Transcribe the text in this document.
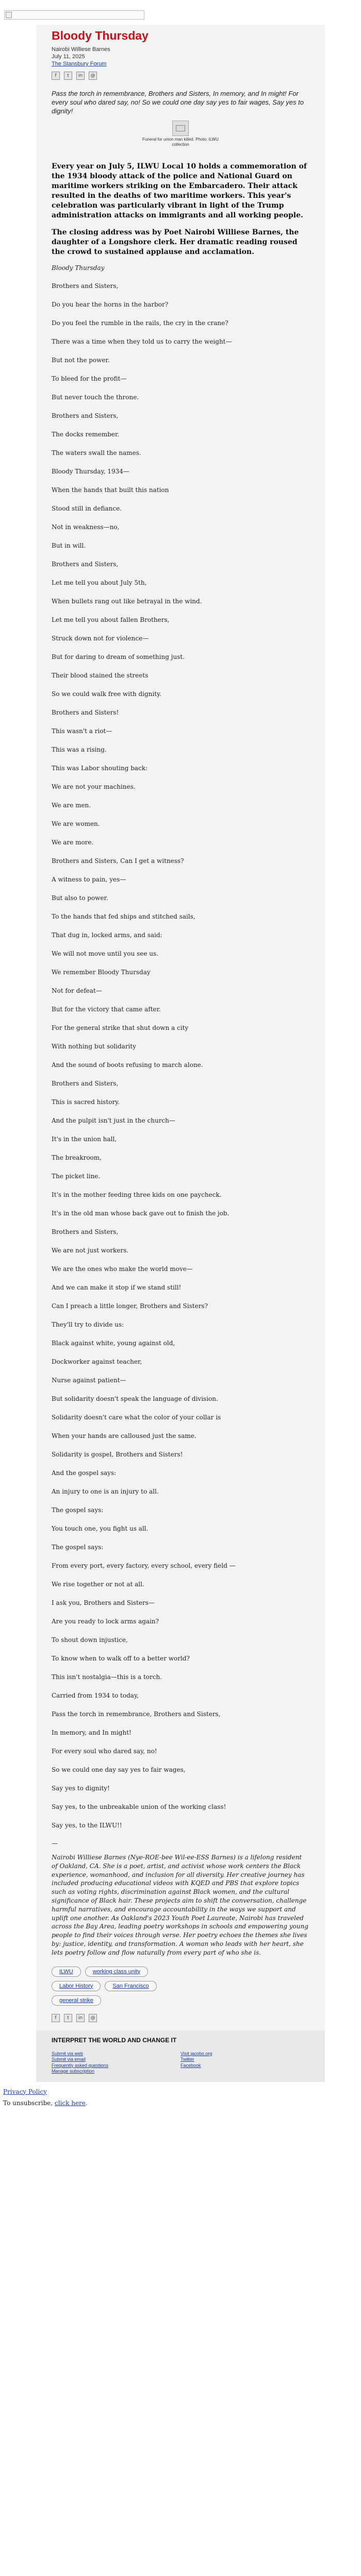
Bloody Thursday
Nairobi Williese Barnes
July 11, 2025
The Stansbury Forum
f t in @

Pass the torch in remembrance, Brothers and Sisters, In memory, and In might! For every soul who dared say, no! So we could one day say yes to fair wages, Say yes to dignity!

Funeral for union man killed. Photo: ILWU
collection

Every year on July 5, ILWU Local 10 holds a commemoration of the 1934 bloody attack of the police and National Guard on maritime workers striking on the Embarcadero. Their attack resulted in the deaths of two maritime workers. This year's celebration was particularly vibrant in light of the Trump administration attacks on immigrants and all working people.

The closing address was by Poet Nairobi Williese Barnes, the daughter of a Longshore clerk. Her dramatic reading roused the crowd to sustained applause and acclamation.

Bloody Thursday

Brothers and Sisters,

Do you hear the horns in the harbor?

Do you feel the rumble in the rails, the cry in the crane?

There was a time when they told us to carry the weight—

But not the power.

To bleed for the profit—

But never touch the throne.

Brothers and Sisters,

The docks remember.

The waters swall the names.

Bloody Thursday, 1934—

When the hands that built this nation

Stood still in defiance.

Not in weakness—no,

But in will.

Brothers and Sisters,

Let me tell you about July 5th,

When bullets rang out like betrayal in the wind.

Let me tell you about fallen Brothers,

Struck down not for violence—

But for daring to dream of something just.

Their blood stained the streets

So we could walk free with dignity.

Brothers and Sisters!

This wasn't a riot—

This was a rising.

This was Labor shouting back:

We are not your machines.

We are men.

We are women.

We are more.

Brothers and Sisters, Can I get a witness?

A witness to pain, yes—

But also to power.

To the hands that fed ships and stitched sails,

That dug in, locked arms, and said:

We will not move until you see us.

We remember Bloody Thursday

Not for defeat—

But for the victory that came after.

For the general strike that shut down a city

With nothing but solidarity

And the sound of boots refusing to march alone.

Brothers and Sisters,

This is sacred history.

And the pulpit isn't just in the church—

It's in the union hall,

The breakroom,

The picket line.

It's in the mother feeding three kids on one paycheck.

It's in the old man whose back gave out to finish the job.

Brothers and Sisters,

We are not just workers.

We are the ones who make the world move—

And we can make it stop if we stand still!

Can I preach a little longer, Brothers and Sisters?

They'll try to divide us:

Black against white, young against old,

Dockworker against teacher,

Nurse against patient—

But solidarity doesn't speak the language of division.

Solidarity doesn't care what the color of your collar is

When your hands are calloused just the same.

Solidarity is gospel, Brothers and Sisters!

And the gospel says:

An injury to one is an injury to all.

The gospel says:

You touch one, you fight us all.

The gospel says:

From every port, every factory, every school, every field —

We rise together or not at all.

I ask you, Brothers and Sisters—

Are you ready to lock arms again?

To shout down injustice,

To know when to walk off to a better world?

This isn't nostalgia—this is a torch.

Carried from 1934 to today,

Pass the torch in remembrance, Brothers and Sisters,

In memory, and In might!

For every soul who dared say, no!

So we could one day say yes to fair wages,

Say yes to dignity!

Say yes, to the unbreakable union of the working class!

Say yes, to the ILWU!!

—

Nairobi Williese Barnes (Nye-ROE-bee Wil-ee-ESS Barnes) is a lifelong resident of Oakland, CA. She is a poet, artist, and activist whose work centers the Black experience, womanhood, and inclusion for all diversity. Her creative journey has included producing educational videos with KQED and PBS that explore topics such as voting rights, discrimination against Black women, and the cultural significance of Black hair. These projects aim to shift the conversation, challenge harmful narratives, and encourage accountability in the ways we support and uplift one another. As Oakland's 2023 Youth Poet Laureate, Nairobi has traveled across the Bay Area, leading poetry workshops in schools and empowering young people to find their voices through verse. Her poetry echoes the themes she lives by: justice, identity, and transformation. A woman who leads with her heart, she lets poetry follow and flow naturally from every part of who she is.

ILWU	working class unity
Labor History	San Francisco
general strike
f t in @
INTERPRET THE WORLD AND CHANGE IT
Submit via web
Submit via email
Frequently asked questions
Manage subscription
Visit jacobo.org
Twitter
Facebook
Privacy Policy
To unsubscribe, click here.
